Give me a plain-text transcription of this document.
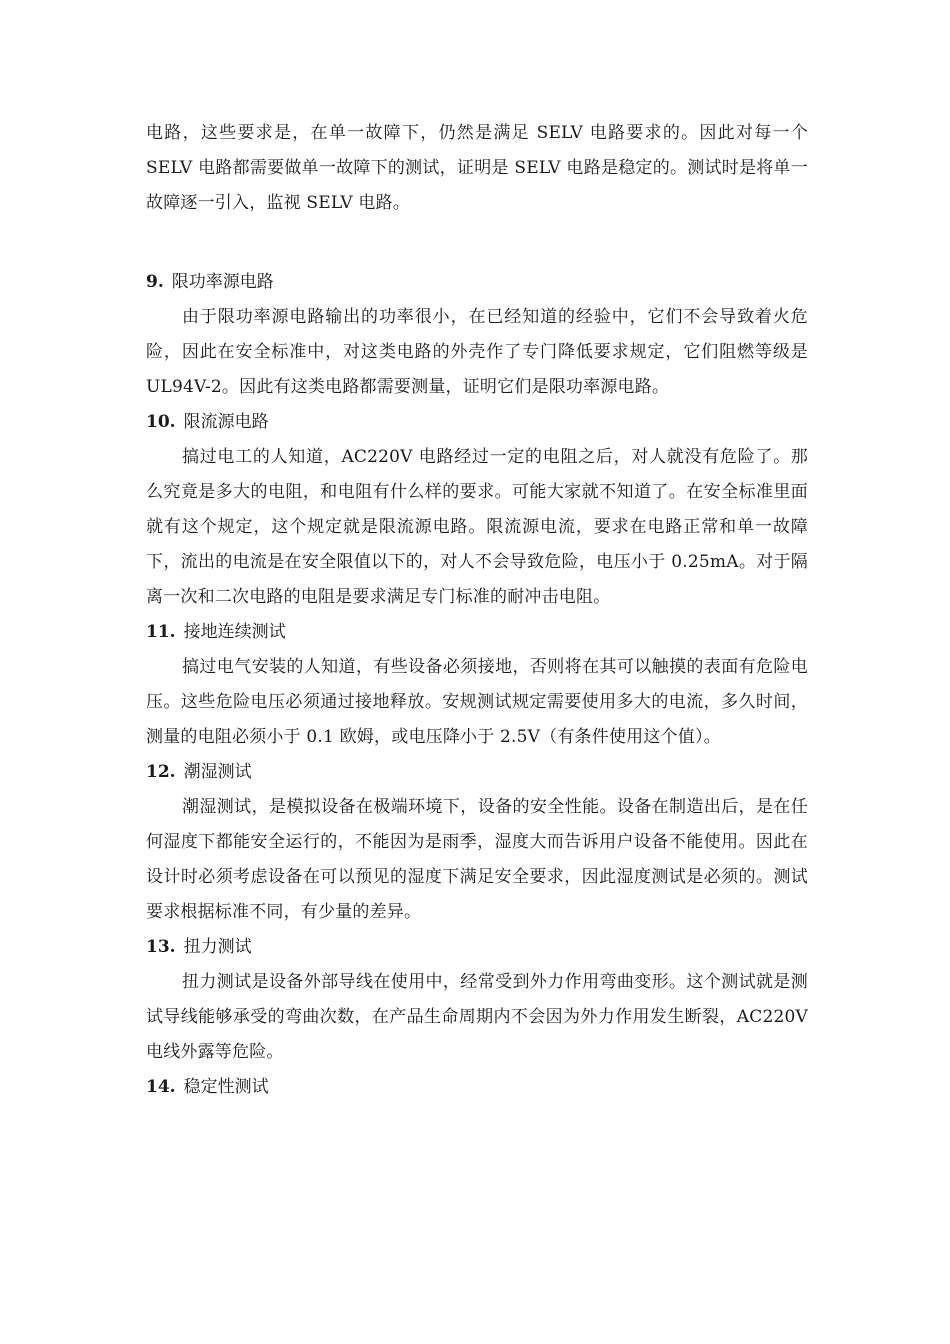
电路，这些要求是，在单一故障下，仍然是满足 SELV 电路要求的。因此对每一个 SELV 电路都需要做单一故障下的测试，证明是 SELV 电路是稳定的。测试时是将单一故障逐一引入，监视 SELV 电路。

9. 限功率源电路

由于限功率源电路输出的功率很小，在已经知道的经验中，它们不会导致着火危险，因此在安全标准中，对这类电路的外壳作了专门降低要求规定，它们阻燃等级是 UL94V-2。因此有这类电路都需要测量，证明它们是限功率源电路。

10. 限流源电路

搞过电工的人知道，AC220V 电路经过一定的电阻之后，对人就没有危险了。那么究竟是多大的电阻，和电阻有什么样的要求。可能大家就不知道了。在安全标准里面就有这个规定，这个规定就是限流源电路。限流源电流，要求在电路正常和单一故障下，流出的电流是在安全限值以下的，对人不会导致危险，电压小于 0.25mA。对于隔离一次和二次电路的电阻是要求满足专门标准的耐冲击电阻。

11. 接地连续测试

搞过电气安装的人知道，有些设备必须接地，否则将在其可以触摸的表面有危险电压。这些危险电压必须通过接地释放。安规测试规定需要使用多大的电流，多久时间，测量的电阻必须小于 0.1 欧姆，或电压降小于 2.5V（有条件使用这个值）。

12. 潮湿测试

潮湿测试，是模拟设备在极端环境下，设备的安全性能。设备在制造出后，是在任何湿度下都能安全运行的，不能因为是雨季，湿度大而告诉用户设备不能使用。因此在设计时必须考虑设备在可以预见的湿度下满足安全要求，因此湿度测试是必须的。测试要求根据标准不同，有少量的差异。

13. 扭力测试

扭力测试是设备外部导线在使用中，经常受到外力作用弯曲变形。这个测试就是测试导线能够承受的弯曲次数，在产品生命周期内不会因为外力作用发生断裂，AC220V 电线外露等危险。

14. 稳定性测试
